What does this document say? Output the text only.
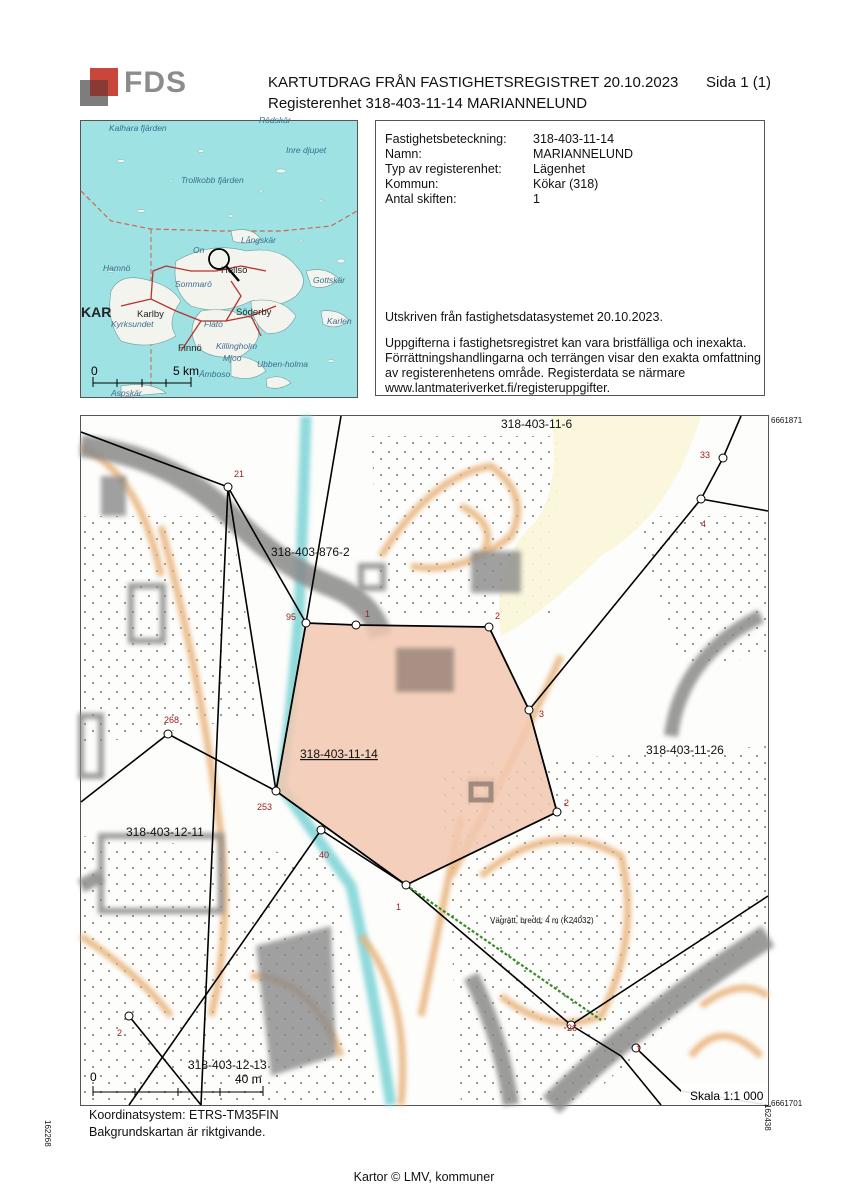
FDS	KARTUTDRAG FRÅN FASTIGHETSREGISTRET 20.10.2023
Registerenhet 318-403-11-14 MARIANNELUND
Sida 1 (1)
Kalhara fjärden
Inre djupet
Trollkobb fjärden
Rödskär
Långskär
Hamnö
On
Hellsö
Sommarö	Gottskär
KAR	Karlby	Söderby
Flätö	Karlen
Finnö
Kyrksundet
Killingholm
Mjoo
Ämboso
Ubben-holma
Aspskär
0	5 km
Fastighetsbeteckning:	318-403-11-14
Namn:	MARIANNELUND
Typ av registerenhet:	Lägenhet
Kommun:	Kökar (318)
Antal skiften:	1
Utskriven från fastighetsdatasystemet 20.10.2023.
Uppgifterna i fastighetsregistret kan vara bristfälliga och inexakta.
Förrättningshandlingarna och terrängen visar den exakta omfattning
av registerenhetens område. Registerdata se närmare
www.lantmateriverket.fi/registeruppgifter.
21
33
4
95	1	2
3
268
253	2
40
1
2	26
1
318-403-11-6
318-403-876-2
318-403-11-14	318-403-11-26
318-403-12-11
318-403-12-13
Vägrätt, bredd: 4 m (K24032)
0	40 m
Skala 1:1 000
6661871
6661701
162268
162438
Koordinatsystem: ETRS-TM35FIN
Bakgrundskartan är riktgivande.
Kartor © LMV, kommuner
